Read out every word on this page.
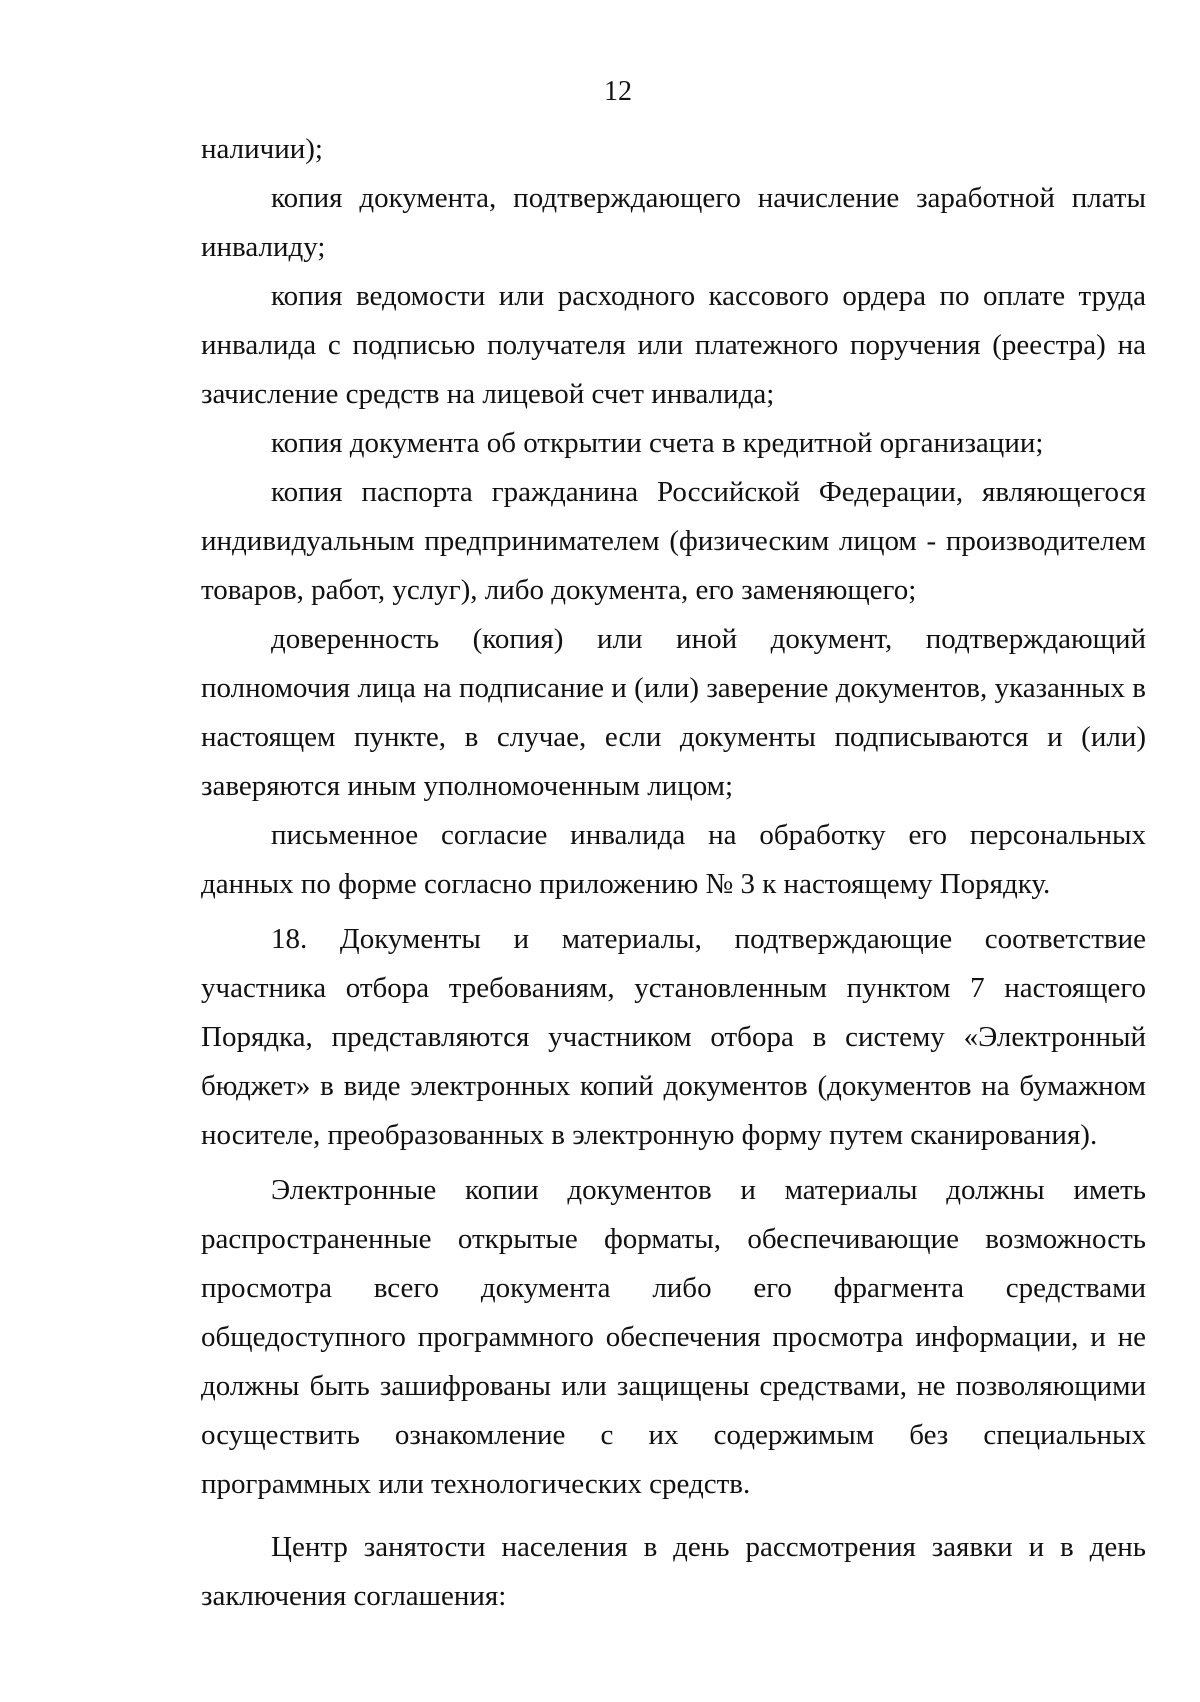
12

наличии);

копия документа, подтверждающего начисление заработной платы инвалиду;

копия ведомости или расходного кассового ордера по оплате труда инвалида с подписью получателя или платежного поручения (реестра) на зачисление средств на лицевой счет инвалида;

копия документа об открытии счета в кредитной организации;

копия паспорта гражданина Российской Федерации, являющегося индивидуальным предпринимателем (физическим лицом - производителем товаров, работ, услуг), либо документа, его заменяющего;

доверенность (копия) или иной документ, подтверждающий полномочия лица на подписание и (или) заверение документов, указанных в настоящем пункте, в случае, если документы подписываются и (или) заверяются иным уполномоченным лицом;

письменное согласие инвалида на обработку его персональных данных по форме согласно приложению № 3 к настоящему Порядку.

18. Документы и материалы, подтверждающие соответствие участника отбора требованиям, установленным пунктом 7 настоящего Порядка, представляются участником отбора в систему «Электронный бюджет» в виде электронных копий документов (документов на бумажном носителе, преобразованных в электронную форму путем сканирования).

Электронные копии документов и материалы должны иметь распространенные открытые форматы, обеспечивающие возможность просмотра всего документа либо его фрагмента средствами общедоступного программного обеспечения просмотра информации, и не должны быть зашифрованы или защищены средствами, не позволяющими осуществить ознакомление с их содержимым без специальных программных или технологических средств.

Центр занятости населения в день рассмотрения заявки и в день заключения соглашения:
